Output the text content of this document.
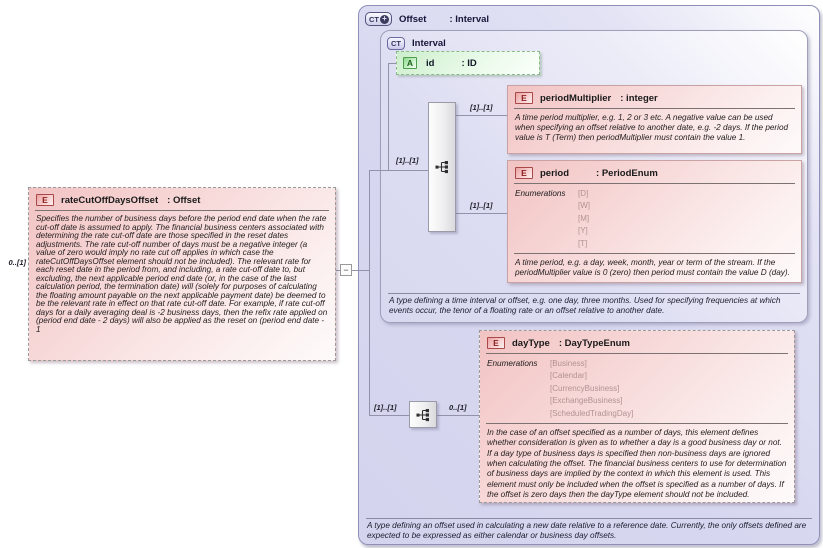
CT + Offset : Interval
A type defining an offset used in calculating a new date relative to a reference date. Currently, the only offsets defined are expected to be expressed as either calendar or business day offsets.
CT	Interval
A type defining a time interval or offset, e.g. one day, three months. Used for specifying frequencies at which events occur, the tenor of a floating rate or an offset relative to another date.
−
A	id	: ID
0..[1]
[1]..[1]
[1]..[1]
[1]..[1]
[1]..[1]	0..[1]
E	rateCutOffDaysOffset : Offset
Specifies the number of business days before the period end date when the rate cut-off date is assumed to apply. The financial business centers associated with determining the rate cut-off date are those specified in the reset dates adjustments. The rate cut-off number of days must be a negative integer (a value of zero would imply no rate cut off applies in which case the rateCutOffDaysOffset element should not be included). The relevant rate for each reset date in the period from, and including, a rate cut-off date to, but excluding, the next applicable period end date (or, in the case of the last calculation period, the termination date) will (solely for purposes of calculating the floating amount payable on the next applicable payment date) be deemed to be the relevant rate in effect on that rate cut-off date. For example, if rate cut-off days for a daily averaging deal is -2 business days, then the refix rate applied on (period end date - 2 days) will also be applied as the reset on (period end date - 1
E	periodMultiplier : integer
A time period multiplier, e.g. 1, 2 or 3 etc. A negative value can be used when specifying an offset relative to another date, e.g. -2 days. If the period value is T (Term) then periodMultiplier must contain the value 1.
E	period	: PeriodEnum
Enumerations	[D]
[W]
[M]
[Y]
[T]
A time period, e.g. a day, week, month, year or term of the stream. If the periodMultiplier value is 0 (zero) then period must contain the value D (day).
E	dayType : DayTypeEnum
Enumerations	[Business]
[Calendar]
[CurrencyBusiness]
[ExchangeBusiness]
[ScheduledTradingDay]
In the case of an offset specified as a number of days, this element defines whether consideration is given as to whether a day is a good business day or not. If a day type of business days is specified then non-business days are ignored when calculating the offset. The financial business centers to use for determination of business days are implied by the context in which this element is used. This element must only be included when the offset is specified as a number of days. If the offset is zero days then the dayType element should not be included.
